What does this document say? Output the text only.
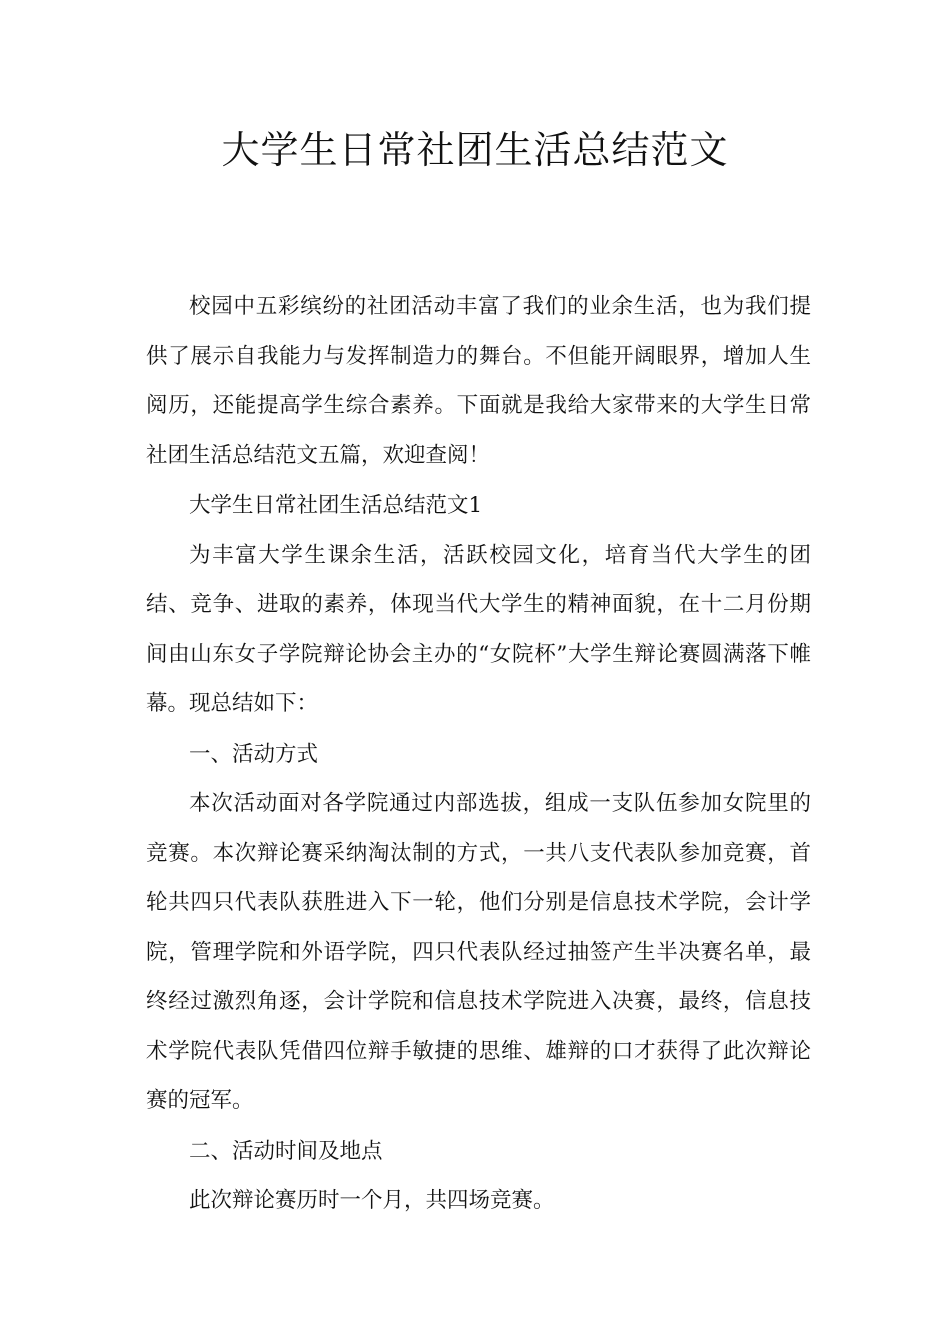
大学生日常社团生活总结范文

校园中五彩缤纷的社团活动丰富了我们的业余生活，也为我们提供了展示自我能力与发挥制造力的舞台。不但能开阔眼界，增加人生阅历，还能提高学生综合素养。下面就是我给大家带来的大学生日常社团生活总结范文五篇，欢迎查阅！

大学生日常社团生活总结范文1

为丰富大学生课余生活，活跃校园文化，培育当代大学生的团结、竞争、进取的素养，体现当代大学生的精神面貌，在十二月份期间由山东女子学院辩论协会主办的“女院杯”大学生辩论赛圆满落下帷幕。现总结如下：

一、活动方式

本次活动面对各学院通过内部选拔，组成一支队伍参加女院里的竞赛。本次辩论赛采纳淘汰制的方式，一共八支代表队参加竞赛，首轮共四只代表队获胜进入下一轮，他们分别是信息技术学院，会计学院，管理学院和外语学院，四只代表队经过抽签产生半决赛名单，最终经过激烈角逐，会计学院和信息技术学院进入决赛，最终，信息技术学院代表队凭借四位辩手敏捷的思维、雄辩的口才获得了此次辩论赛的冠军。

二、活动时间及地点

此次辩论赛历时一个月，共四场竞赛。
